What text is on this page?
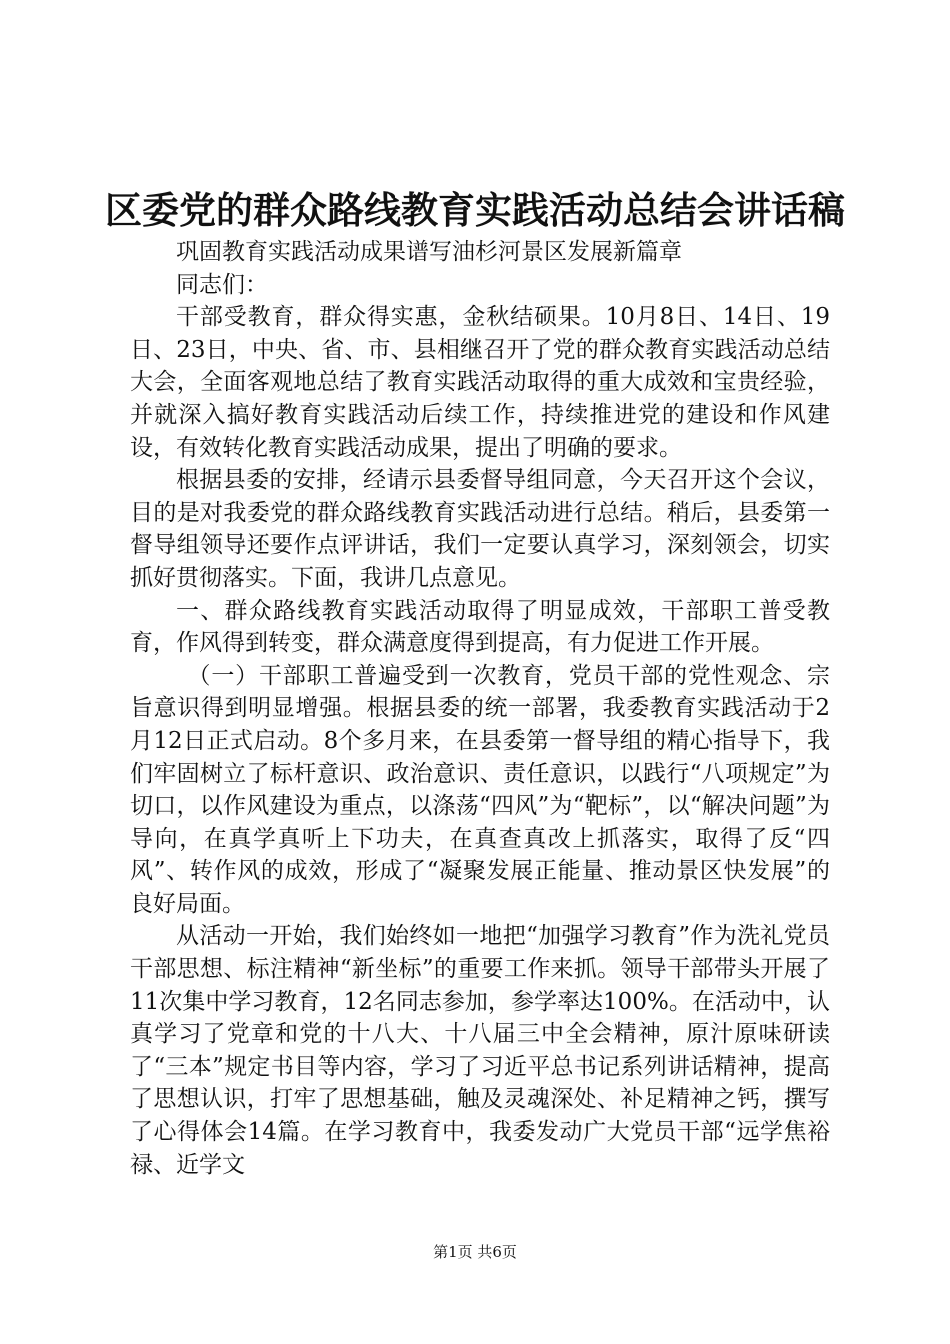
区委党的群众路线教育实践活动总结会讲话稿

巩固教育实践活动成果谱写油杉河景区发展新篇章

同志们：

干部受教育，群众得实惠，金秋结硕果。10月8日、14日、19日、23日，中央、省、市、县相继召开了党的群众教育实践活动总结大会，全面客观地总结了教育实践活动取得的重大成效和宝贵经验，并就深入搞好教育实践活动后续工作，持续推进党的建设和作风建设，有效转化教育实践活动成果，提出了明确的要求。

根据县委的安排，经请示县委督导组同意，今天召开这个会议，目的是对我委党的群众路线教育实践活动进行总结。稍后，县委第一督导组领导还要作点评讲话，我们一定要认真学习，深刻领会，切实抓好贯彻落实。下面，我讲几点意见。

一、群众路线教育实践活动取得了明显成效，干部职工普受教育，作风得到转变，群众满意度得到提高，有力促进工作开展。

（一）干部职工普遍受到一次教育，党员干部的党性观念、宗旨意识得到明显增强。根据县委的统一部署，我委教育实践活动于2月12日正式启动。8个多月来，在县委第一督导组的精心指导下，我们牢固树立了标杆意识、政治意识、责任意识，以践行“八项规定”为切口，以作风建设为重点，以涤荡“四风”为“靶标”，以“解决问题”为导向，在真学真听上下功夫，在真查真改上抓落实，取得了反“四风”、转作风的成效，形成了“凝聚发展正能量、推动景区快发展”的良好局面。

从活动一开始，我们始终如一地把“加强学习教育”作为洗礼党员干部思想、标注精神“新坐标”的重要工作来抓。领导干部带头开展了11次集中学习教育，12名同志参加，参学率达100%。在活动中，认真学习了党章和党的十八大、十八届三中全会精神，原汁原味研读了“三本”规定书目等内容，学习了习近平总书记系列讲话精神，提高了思想认识，打牢了思想基础，触及灵魂深处、补足精神之钙，撰写了心得体会14篇。在学习教育中，我委发动广大党员干部“远学焦裕禄、近学文

第1页 共6页
